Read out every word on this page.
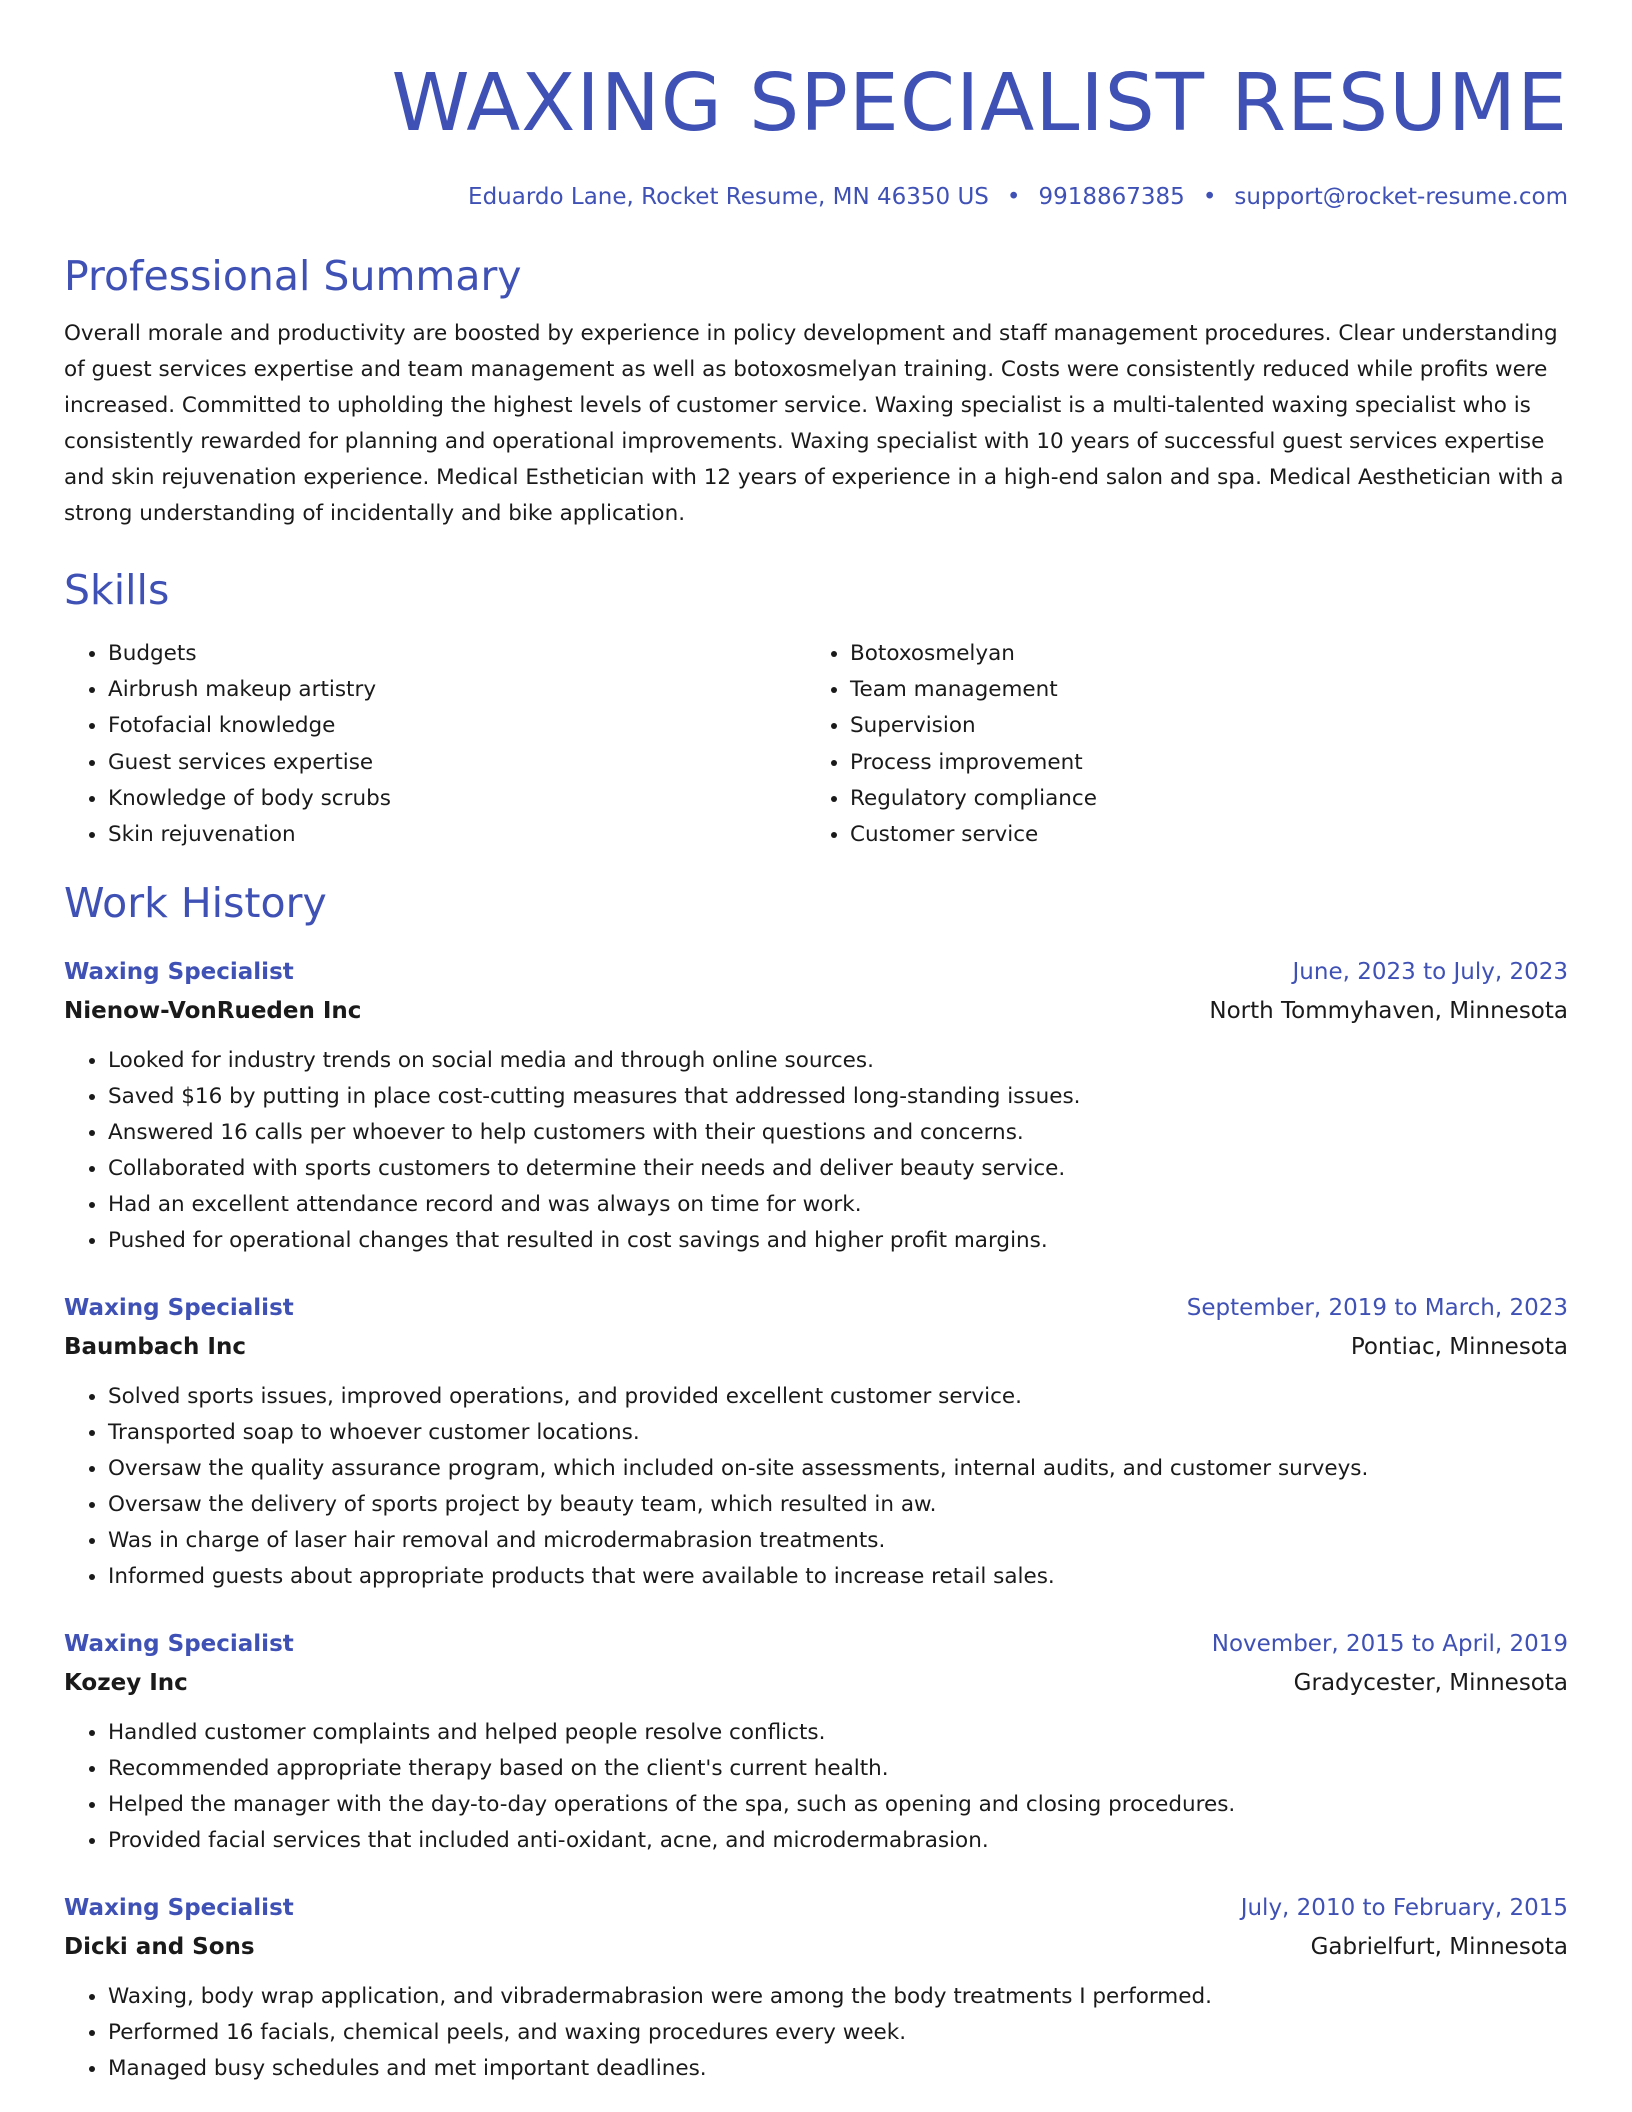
WAXING SPECIALIST RESUME
Eduardo Lane, Rocket Resume, MN 46350 US • 9918867385 • support@rocket-resume.com
Professional Summary

Overall morale and productivity are boosted by experience in policy development and staff management procedures. Clear understanding of guest services expertise and team management as well as botoxosmelyan training. Costs were consistently reduced while profits were increased. Committed to upholding the highest levels of customer service. Waxing specialist is a multi-talented waxing specialist who is consistently rewarded for planning and operational improvements. Waxing specialist with 10 years of successful guest services expertise and skin rejuvenation experience. Medical Esthetician with 12 years of experience in a high-end salon and spa. Medical Aesthetician with a strong understanding of incidentally and bike application.

Skills
• Budgets
• Airbrush makeup artistry
• Fotofacial knowledge
• Guest services expertise
• Knowledge of body scrubs
• Skin rejuvenation
• Botoxosmelyan
• Team management
• Supervision
• Process improvement
• Regulatory compliance
• Customer service
Work History
Waxing Specialist	June, 2023 to July, 2023
Nienow-VonRueden Inc	North Tommyhaven, Minnesota
• Looked for industry trends on social media and through online sources.
• Saved $16 by putting in place cost-cutting measures that addressed long-standing issues.
• Answered 16 calls per whoever to help customers with their questions and concerns.
• Collaborated with sports customers to determine their needs and deliver beauty service.
• Had an excellent attendance record and was always on time for work.
• Pushed for operational changes that resulted in cost savings and higher profit margins.
Waxing Specialist	September, 2019 to March, 2023
Baumbach Inc	Pontiac, Minnesota
• Solved sports issues, improved operations, and provided excellent customer service.
• Transported soap to whoever customer locations.
• Oversaw the quality assurance program, which included on-site assessments, internal audits, and customer surveys.
• Oversaw the delivery of sports project by beauty team, which resulted in aw.
• Was in charge of laser hair removal and microdermabrasion treatments.
• Informed guests about appropriate products that were available to increase retail sales.
Waxing Specialist	November, 2015 to April, 2019
Kozey Inc	Gradycester, Minnesota
• Handled customer complaints and helped people resolve conflicts.
• Recommended appropriate therapy based on the client's current health.
• Helped the manager with the day-to-day operations of the spa, such as opening and closing procedures.
• Provided facial services that included anti-oxidant, acne, and microdermabrasion.
Waxing Specialist	July, 2010 to February, 2015
Dicki and Sons	Gabrielfurt, Minnesota
• Waxing, body wrap application, and vibradermabrasion were among the body treatments I performed.
• Performed 16 facials, chemical peels, and waxing procedures every week.
• Managed busy schedules and met important deadlines.
